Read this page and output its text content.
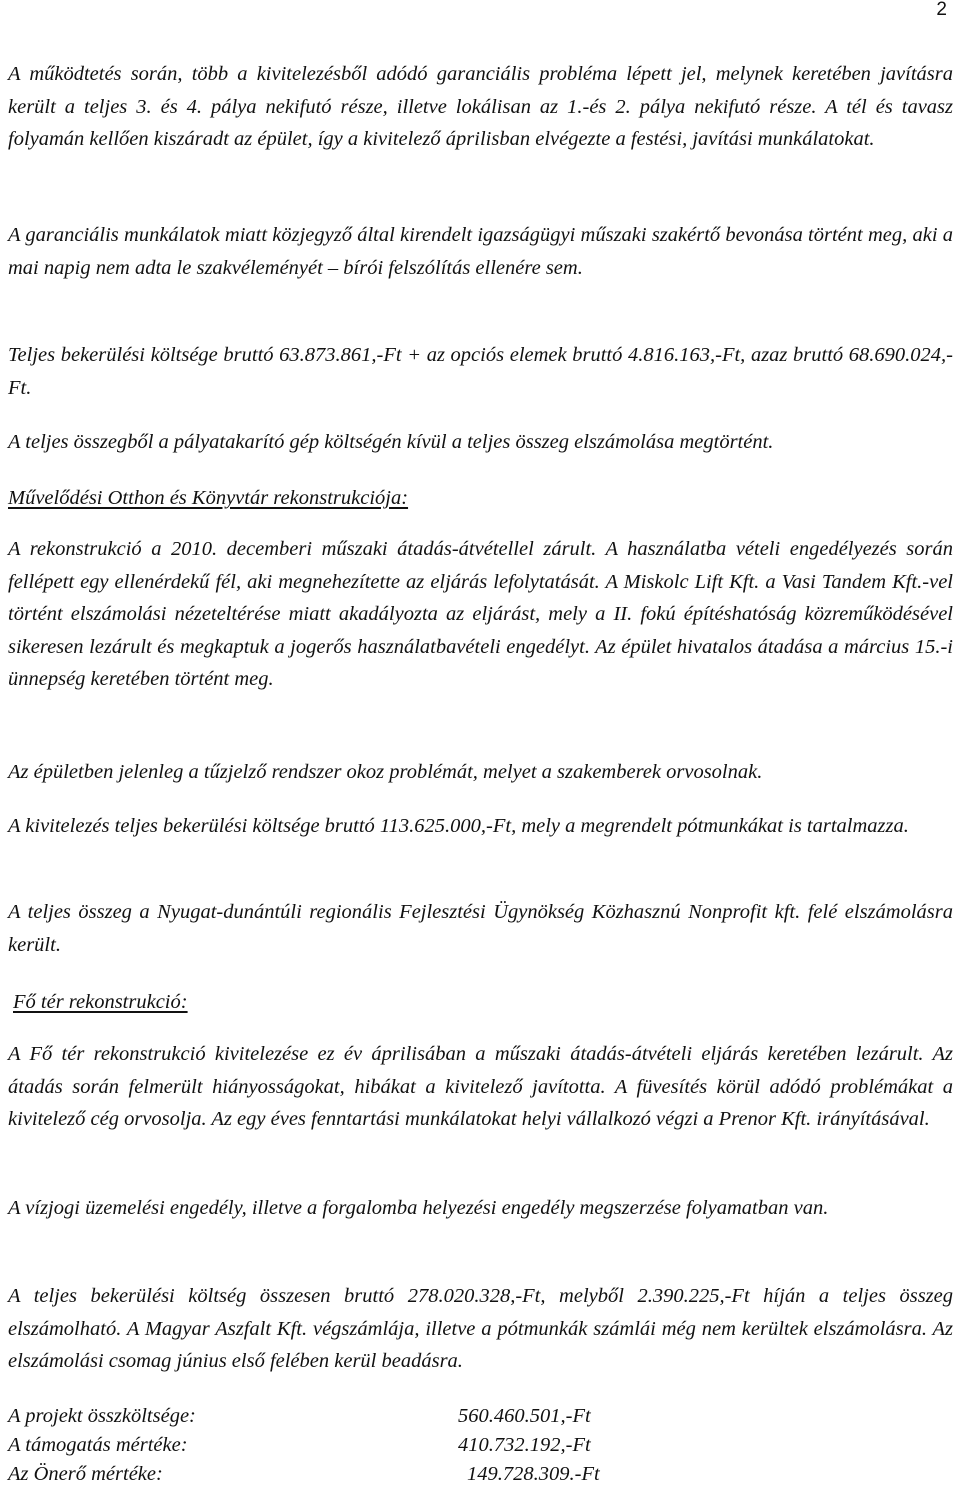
2

A működtetés során, több a kivitelezésből adódó garanciális probléma lépett jel, melynek keretében javításra került a teljes 3. és 4. pálya nekifutó része, illetve lokálisan az 1.-és 2. pálya nekifutó része. A tél és tavasz folyamán kellően kiszáradt az épület, így a kivitelező áprilisban elvégezte a festési, javítási munkálatokat.

A garanciális munkálatok miatt közjegyző által kirendelt igazságügyi műszaki szakértő bevonása történt meg, aki a mai napig nem adta le szakvéleményét – bírói felszólítás ellenére sem.

Teljes bekerülési költsége bruttó 63.873.861,-Ft + az opciós elemek bruttó 4.816.163,-Ft, azaz bruttó 68.690.024,-Ft.

A teljes összegből a pályatakarító gép költségén kívül a teljes összeg elszámolása megtörtént.

Művelődési Otthon és Könyvtár rekonstrukciója:

A rekonstrukció a 2010. decemberi műszaki átadás-átvétellel zárult. A használatba vételi engedélyezés során fellépett egy ellenérdekű fél, aki megnehezítette az eljárás lefolytatását. A Miskolc Lift Kft. a Vasi Tandem Kft.-vel történt elszámolási nézeteltérése miatt akadályozta az eljárást, mely a II. fokú építéshatóság közreműködésével sikeresen lezárult és megkaptuk a jogerős használatbavételi engedélyt. Az épület hivatalos átadása a március 15.-i ünnepség keretében történt meg.

Az épületben jelenleg a tűzjelző rendszer okoz problémát, melyet a szakemberek orvosolnak.

A kivitelezés teljes bekerülési költsége bruttó 113.625.000,-Ft, mely a megrendelt pótmunkákat is tartalmazza.

A teljes összeg a Nyugat-dunántúli regionális Fejlesztési Ügynökség Közhasznú Nonprofit kft. felé elszámolásra került.

Fő tér rekonstrukció:

A Fő tér rekonstrukció kivitelezése ez év áprilisában a műszaki átadás-átvételi eljárás keretében lezárult. Az átadás során felmerült hiányosságokat, hibákat a kivitelező javította. A füvesítés körül adódó problémákat a kivitelező cég orvosolja. Az egy éves fenntartási munkálatokat helyi vállalkozó végzi a Prenor Kft. irányításával.

A vízjogi üzemelési engedély, illetve a forgalomba helyezési engedély megszerzése folyamatban van.

A teljes bekerülési költség összesen bruttó 278.020.328,-Ft, melyből 2.390.225,-Ft híján a teljes összeg elszámolható. A Magyar Aszfalt Kft. végszámlája, illetve a pótmunkák számlái még nem kerültek elszámolásra. Az elszámolási csomag június első felében kerül beadásra.

A projekt összköltsége:	560.460.501,-Ft
A támogatás mértéke:	410.732.192,-Ft
Az Önerő mértéke:	149.728.309.-Ft
